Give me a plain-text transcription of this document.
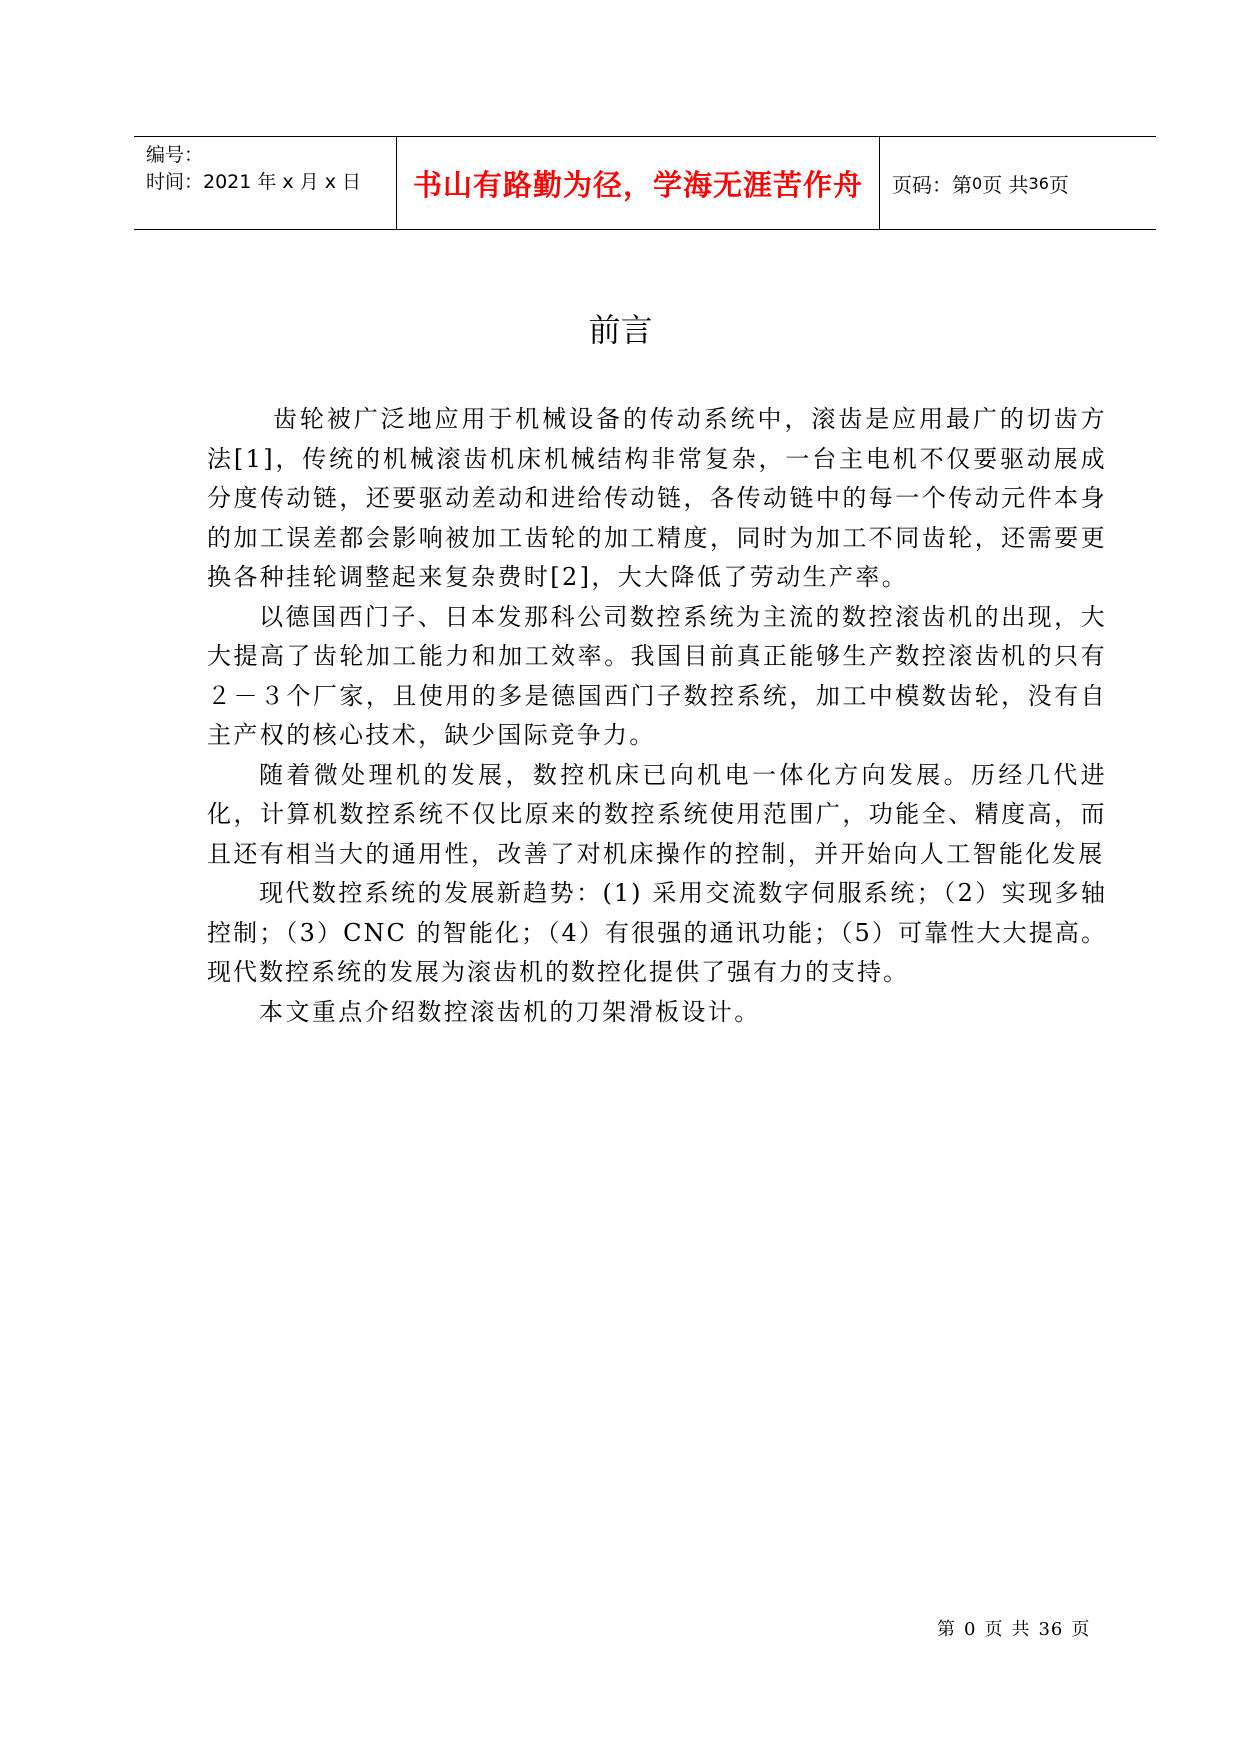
编号：
时间：2021 年 x 月 x 日	书山有路勤为径，学海无涯苦作舟	页码：第 0 页 共 36 页
前言

齿轮被广泛地应用于机械设备的传动系统中，滚齿是应用最广的切齿方法[1]，传统的机械滚齿机床机械结构非常复杂，一台主电机不仅要驱动展成分度传动链，还要驱动差动和进给传动链，各传动链中的每一个传动元件本身的加工误差都会影响被加工齿轮的加工精度，同时为加工不同齿轮，还需要更换各种挂轮调整起来复杂费时[2]，大大降低了劳动生产率。

以德国西门子、日本发那科公司数控系统为主流的数控滚齿机的出现，大大提高了齿轮加工能力和加工效率。我国目前真正能够生产数控滚齿机的只有２－３个厂家，且使用的多是德国西门子数控系统，加工中模数齿轮，没有自主产权的核心技术，缺少国际竞争力。

随着微处理机的发展，数控机床已向机电一体化方向发展。历经几代进化，计算机数控系统不仅比原来的数控系统使用范围广，功能全、精度高，而且还有相当大的通用性，改善了对机床操作的控制，并开始向人工智能化发展

现代数控系统的发展新趋势：(1) 采用交流数字伺服系统；（2）实现多轴控制；（3）CNC 的智能化；（4）有很强的通讯功能；（5）可靠性大大提高。现代数控系统的发展为滚齿机的数控化提供了强有力的支持。

本文重点介绍数控滚齿机的刀架滑板设计。

第 0 页 共 36 页
